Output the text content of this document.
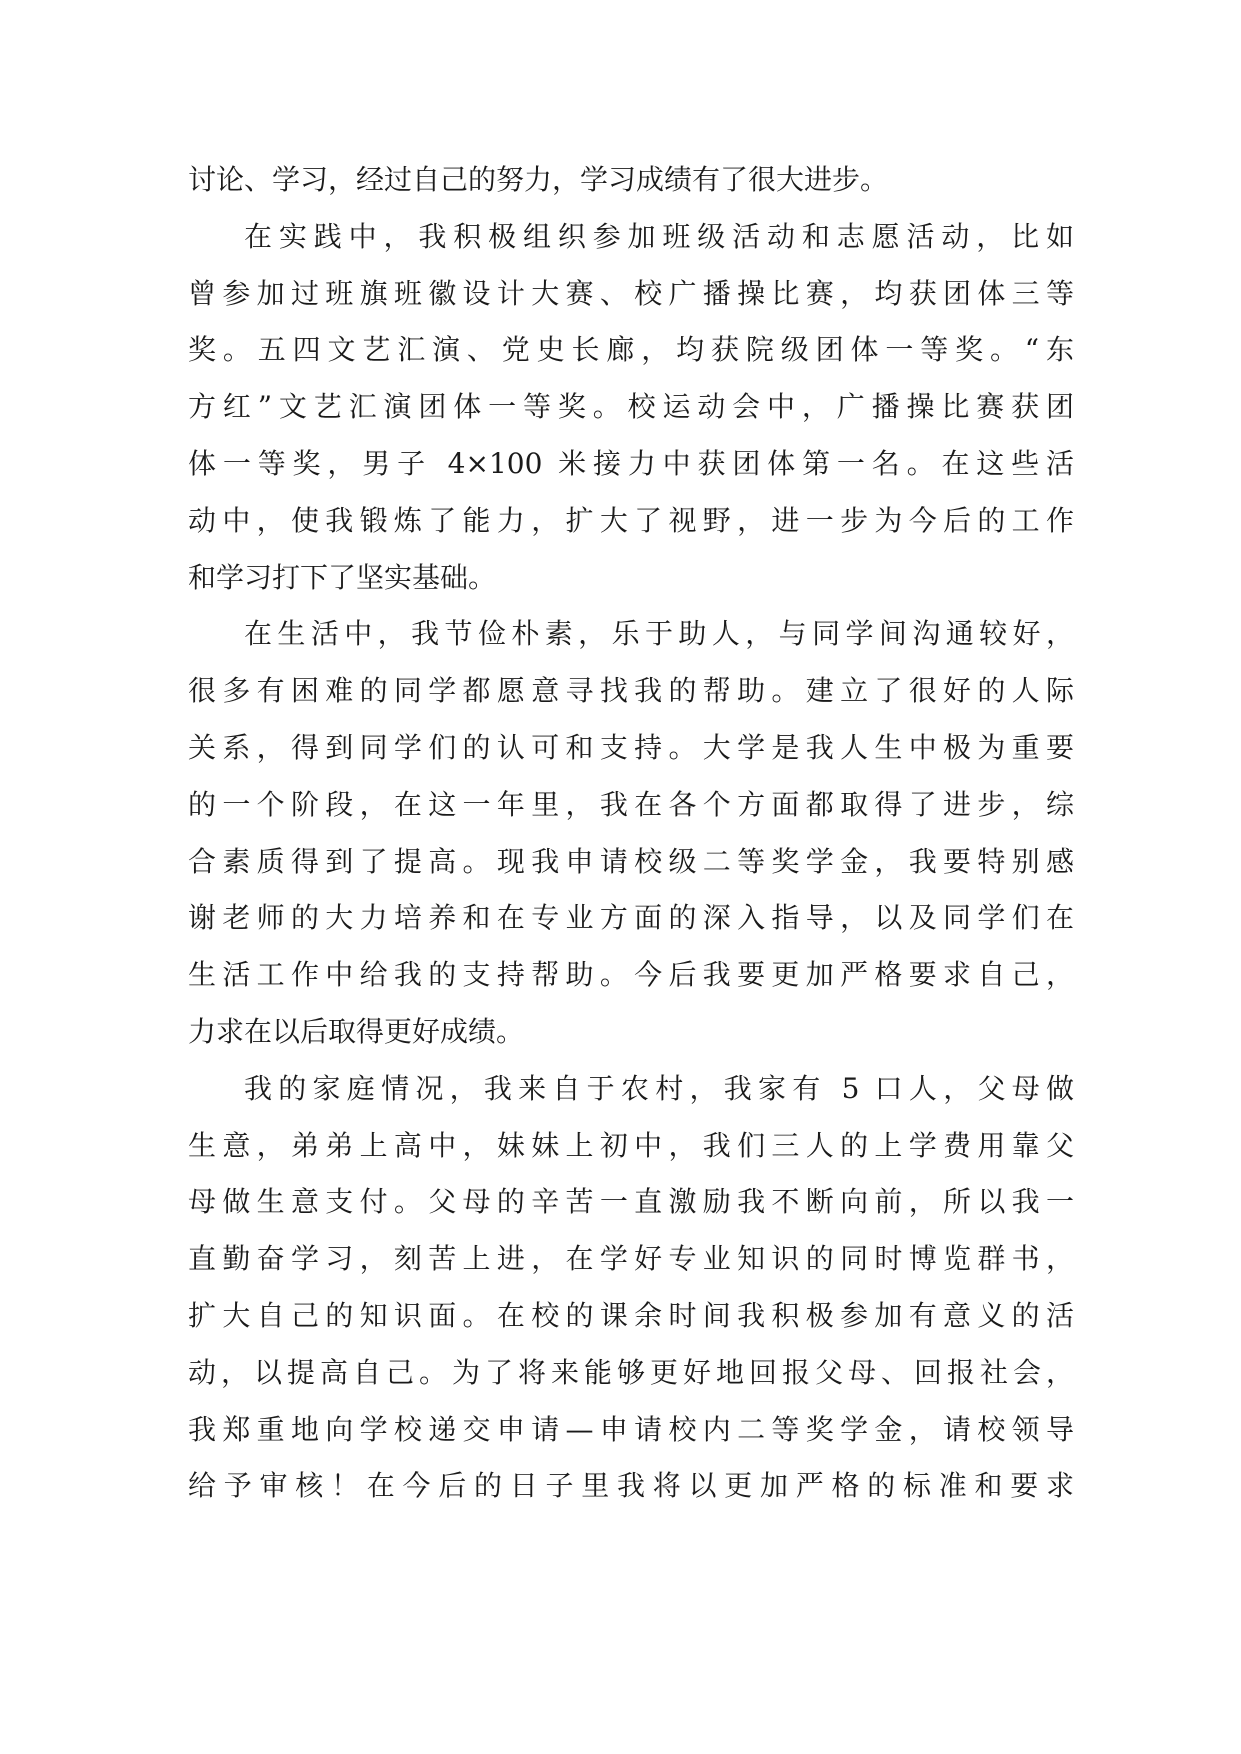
讨论、学习，经过自己的努力，学习成绩有了很大进步。
在实践中，我积极组织参加班级活动和志愿活动，比如
曾参加过班旗班徽设计大赛、校广播操比赛，均获团体三等
奖。五四文艺汇演、党史长廊，均获院级团体一等奖。“东
方红”文艺汇演团体一等奖。校运动会中，广播操比赛获团
体一等奖，男子 4×100 米接力中获团体第一名。在这些活
动中，使我锻炼了能力，扩大了视野，进一步为今后的工作
和学习打下了坚实基础。
在生活中，我节俭朴素，乐于助人，与同学间沟通较好，
很多有困难的同学都愿意寻找我的帮助。建立了很好的人际
关系，得到同学们的认可和支持。大学是我人生中极为重要
的一个阶段，在这一年里，我在各个方面都取得了进步，综
合素质得到了提高。现我申请校级二等奖学金，我要特别感
谢老师的大力培养和在专业方面的深入指导，以及同学们在
生活工作中给我的支持帮助。今后我要更加严格要求自己，
力求在以后取得更好成绩。
我的家庭情况，我来自于农村，我家有 5 口人，父母做
生意，弟弟上高中，妹妹上初中，我们三人的上学费用靠父
母做生意支付。父母的辛苦一直激励我不断向前，所以我一
直勤奋学习，刻苦上进，在学好专业知识的同时博览群书，
扩大自己的知识面。在校的课余时间我积极参加有意义的活
动，以提高自己。为了将来能够更好地回报父母、回报社会，
我郑重地向学校递交申请—申请校内二等奖学金，请校领导
给予审核！在今后的日子里我将以更加严格的标准和要求
